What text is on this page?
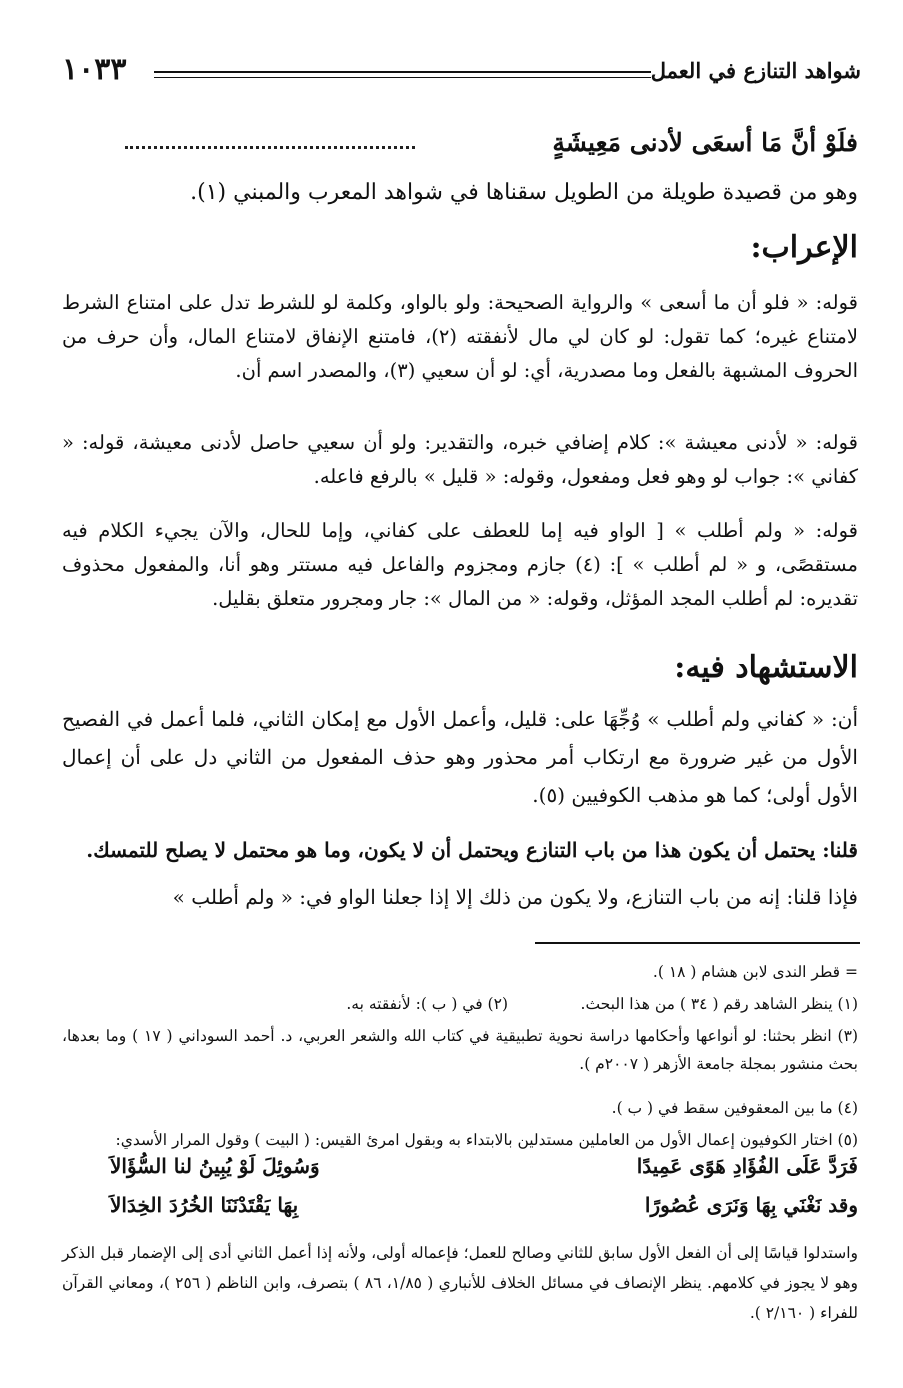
شواهد التنازع في العمل
١٠٣٣
فلَوْ أنَّ مَا أسعَى لأدنى مَعِيشَةٍ
وهو من قصيدة طويلة من الطويل سقناها في شواهد المعرب والمبني (١).
الإعراب:
قوله: « فلو أن ما أسعى » والرواية الصحيحة: ولو بالواو، وكلمة لو للشرط تدل على امتناع الشرط لامتناع غيره؛ كما تقول: لو كان لي مال لأنفقته (٢)، فامتنع الإنفاق لامتناع المال، وأن حرف من الحروف المشبهة بالفعل وما مصدرية، أي: لو أن سعيي (٣)، والمصدر اسم أن.
قوله: « لأدنى معيشة »: كلام إضافي خبره، والتقدير: ولو أن سعيي حاصل لأدنى معيشة، قوله: « كفاني »: جواب لو وهو فعل ومفعول، وقوله: « قليل » بالرفع فاعله.
قوله: « ولم أطلب » [ الواو فيه إما للعطف على كفاني، وإما للحال، والآن يجيء الكلام فيه مستقصًى، و « لم أطلب » ]: (٤) جازم ومجزوم والفاعل فيه مستتر وهو أنا، والمفعول محذوف تقديره: لم أطلب المجد المؤثل، وقوله: « من المال »: جار ومجرور متعلق بقليل.
الاستشهاد فيه:
أن: « كفاني ولم أطلب » وُجِّهَا على: قليل، وأعمل الأول مع إمكان الثاني، فلما أعمل في الفصيح الأول من غير ضرورة مع ارتكاب أمر محذور وهو حذف المفعول من الثاني دل على أن إعمال الأول أولى؛ كما هو مذهب الكوفيين (٥).
قلنا: يحتمل أن يكون هذا من باب التنازع ويحتمل أن لا يكون، وما هو محتمل لا يصلح للتمسك.
فإذا قلنا: إنه من باب التنازع، ولا يكون من ذلك إلا إذا جعلنا الواو في: « ولم أطلب »
= قطر الندى لابن هشام ( ١٨ ).
(١) ينظر الشاهد رقم ( ٣٤ ) من هذا البحث.
(٢) في ( ب ): لأنفقته به.
(٣) انظر بحثنا: لو أنواعها وأحكامها دراسة نحوية تطبيقية في كتاب الله والشعر العربي، د. أحمد السوداني ( ١٧ ) وما بعدها، بحث منشور بمجلة جامعة الأزهر ( ٢٠٠٧م ).
(٤) ما بين المعقوفين سقط في ( ب ).
(٥) اختار الكوفيون إعمال الأول من العاملين مستدلين بالابتداء به وبقول امرئ القيس: ( البيت ) وقول المرار الأسدي:
فَرَدَّ عَلَى الفُؤَادِ هَوًى عَمِيدًا
وَسُوئِلَ لَوْ يُبِينُ لنا السُّؤَالاَ
وقد نَغْنَي بِهَا وَنَرَى عُصُورًا
بِهَا يَقْتَدْنَنَا الخُرُدَ الخِدَالاَ
واستدلوا قياسًا إلى أن الفعل الأول سابق للثاني وصالح للعمل؛ فإعماله أولى، ولأنه إذا أعمل الثاني أدى إلى الإضمار قبل الذكر وهو لا يجوز في كلامهم. ينظر الإنصاف في مسائل الخلاف للأنباري ( ١/٨٥، ٨٦ ) بتصرف، وابن الناظم ( ٢٥٦ )، ومعاني القرآن للفراء ( ٢/١٦٠ ).
